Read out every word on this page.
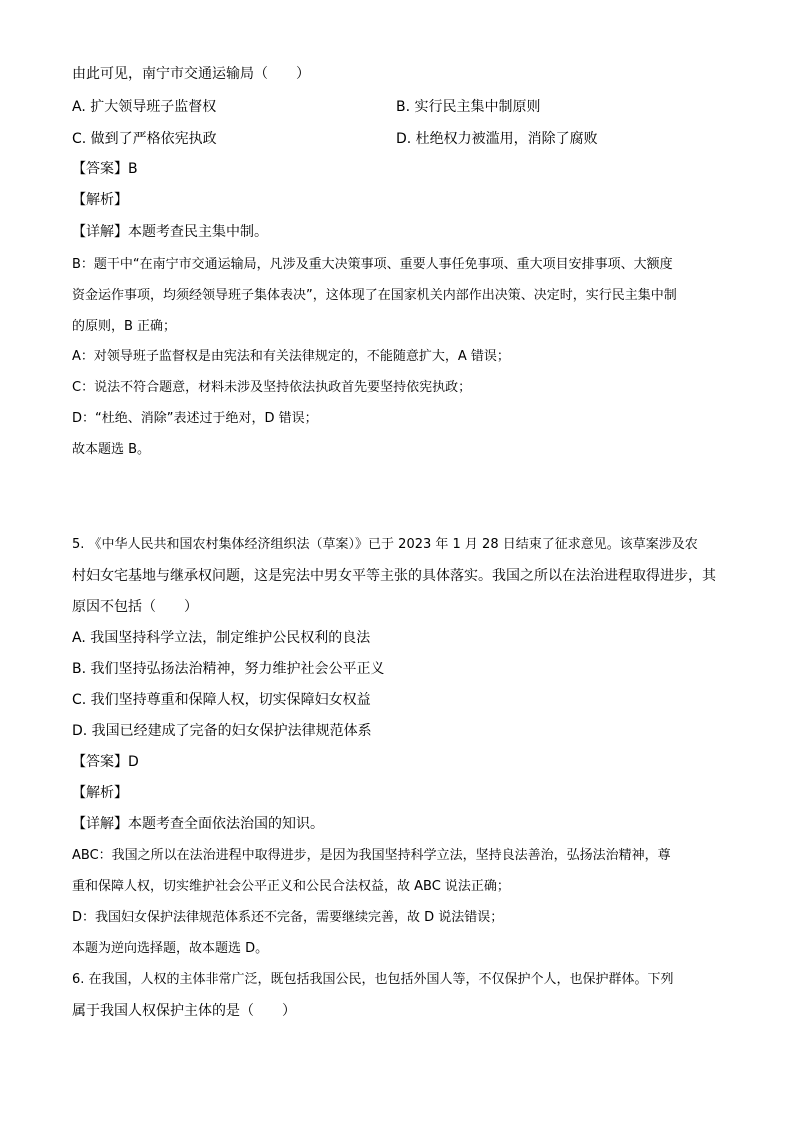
由此可见，南宁市交通运输局（　　）
A. 扩大领导班子监督权	B. 实行民主集中制原则
C. 做到了严格依宪执政	D. 杜绝权力被滥用，消除了腐败
【答案】B
【解析】
【详解】本题考查民主集中制。
B：题干中“在南宁市交通运输局，凡涉及重大决策事项、重要人事任免事项、重大项目安排事项、大额度
资金运作事项，均须经领导班子集体表决”，这体现了在国家机关内部作出决策、决定时，实行民主集中制
的原则，B 正确；
A：对领导班子监督权是由宪法和有关法律规定的，不能随意扩大，A 错误；
C：说法不符合题意，材料未涉及坚持依法执政首先要坚持依宪执政；
D：“杜绝、消除”表述过于绝对，D 错误；
故本题选 B。
5. 《中华人民共和国农村集体经济组织法（草案）》已于 2023 年 1 月 28 日结束了征求意见。该草案涉及农
村妇女宅基地与继承权问题，这是宪法中男女平等主张的具体落实。我国之所以在法治进程取得进步，其
原因不包括（　　）
A. 我国坚持科学立法，制定维护公民权利的良法
B. 我们坚持弘扬法治精神，努力维护社会公平正义
C. 我们坚持尊重和保障人权，切实保障妇女权益
D. 我国已经建成了完备的妇女保护法律规范体系
【答案】D
【解析】
【详解】本题考查全面依法治国的知识。
ABC：我国之所以在法治进程中取得进步，是因为我国坚持科学立法，坚持良法善治，弘扬法治精神，尊
重和保障人权，切实维护社会公平正义和公民合法权益，故 ABC 说法正确；
D：我国妇女保护法律规范体系还不完备，需要继续完善，故 D 说法错误；
本题为逆向选择题，故本题选 D。
6. 在我国，人权的主体非常广泛，既包括我国公民，也包括外国人等，不仅保护个人，也保护群体。下列
属于我国人权保护主体的是（　　）
